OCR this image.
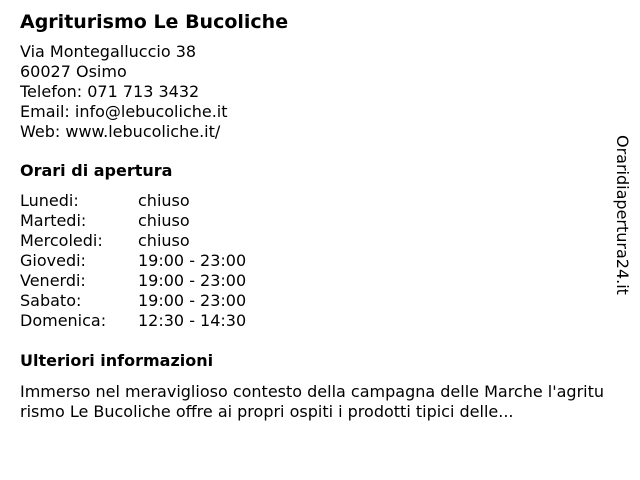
Agriturismo Le Bucoliche
Via Montegalluccio 38
60027 Osimo
Telefon: 071 713 3432
Email: info@lebucoliche.it
Web: www.lebucoliche.it/
Orari di apertura
Lunedi:	chiuso
Martedi:	chiuso
Mercoledi:	chiuso
Giovedi:	19:00 - 23:00
Venerdi:	19:00 - 23:00
Sabato:	19:00 - 23:00
Domenica:	12:30 - 14:30
Ulteriori informazioni
Immerso nel meraviglioso contesto della campagna delle Marche l'agriturismo Le Bucoliche offre ai propri ospiti i prodotti tipici delle...
Oraridiapertura24.it
